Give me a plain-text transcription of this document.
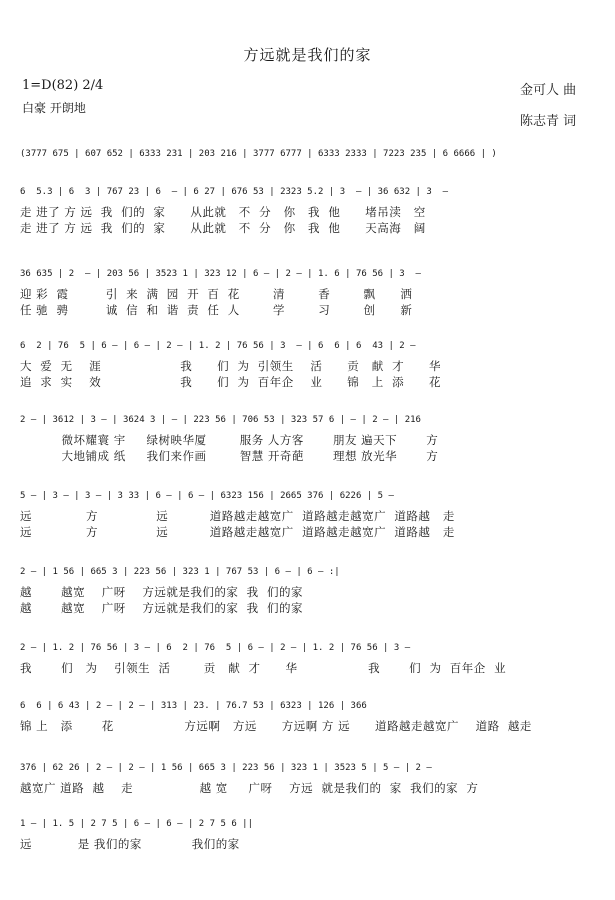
方远就是我们的家
1=D(82) 2/4
白豪 开朗地
金可人 曲
陈志青 词
(3777 675 | 607 652 | 6333 231 | 203 216 | 3777 6777 | 6333 2333 | 7223 235 | 6 6666 | )
6  5.3 | 6  3 | 767 23 | 6  — | 6 27 | 676 53 | 2323 5.2 | 3  — | 36 632 | 3  —
走 进了 方 远  我  们的  家      从此就   不  分   你   我  他      堵吊渎   空
走 进了 方 远  我  们的  家      从此就   不  分   你   我  他      天高海   阔
36 635 | 2  — | 203 56 | 3523 1 | 323 12 | 6 — | 2 — | 1. 6 | 76 56 | 3  —
迎 彩  霞         引  来  满  园  开  百  花        清        香        飘      洒
任 驰  骋         诚  信  和  谐  责  任  人        学        习        创      新
6  2 | 76  5 | 6 — | 6 — | 2 — | 1. 2 | 76 56 | 3  — | 6  6 | 6  43 | 2 —
大  爱  无    涯                   我      们  为  引领生    活      贡   献  才      华
追  求  实    效                   我      们  为  百年企    业      锦   上  添      花
2 — | 3612 | 3 — | 3624 3 | — | 223 56 | 706 53 | 323 57 6 | — | 2 — | 216
微坏耀寰 宇     绿树映华厦        服务 人方客       朋友 遍天下       方
大地铺成 纸     我们来作画        智慧 开奇葩       理想 放光华       方
5 — | 3 — | 3 — | 3 33 | 6 — | 6 — | 6323 156 | 2665 376 | 6226 | 5 —
远             方              远          道路越走越宽广  道路越走越宽广  道路越   走
远             方              远          道路越走越宽广  道路越走越宽广  道路越   走
2 — | 1 56 | 665 3 | 223 56 | 323 1 | 767 53 | 6 — | 6 — :|
越       越宽    广呀    方远就是我们的家  我  们的家
越       越宽    广呀    方远就是我们的家  我  们的家
2 — | 1. 2 | 76 56 | 3 — | 6  2 | 76  5 | 6 — | 2 — | 1. 2 | 76 56 | 3 —
我       们   为    引领生  活        贡   献  才      华                 我       们  为  百年企  业
6  6 | 6 43 | 2 — | 2 — | 313 | 23. | 76.7 53 | 6323 | 126 | 366
锦 上   添       花                 方远啊   方远      方远啊 方 远      道路越走越宽广    道路  越走
376 | 62 26 | 2 — | 2 — | 1 56 | 665 3 | 223 56 | 323 1 | 3523 5 | 5 — | 2 —
越宽广 道路  越    走                越 宽     广呀    方远  就是我们的  家  我们的家  方
1 — | 1. 5 | 2 7 5 | 6 — | 6 — | 2 7 5 6 ||
远           是 我们的家            我们的家
